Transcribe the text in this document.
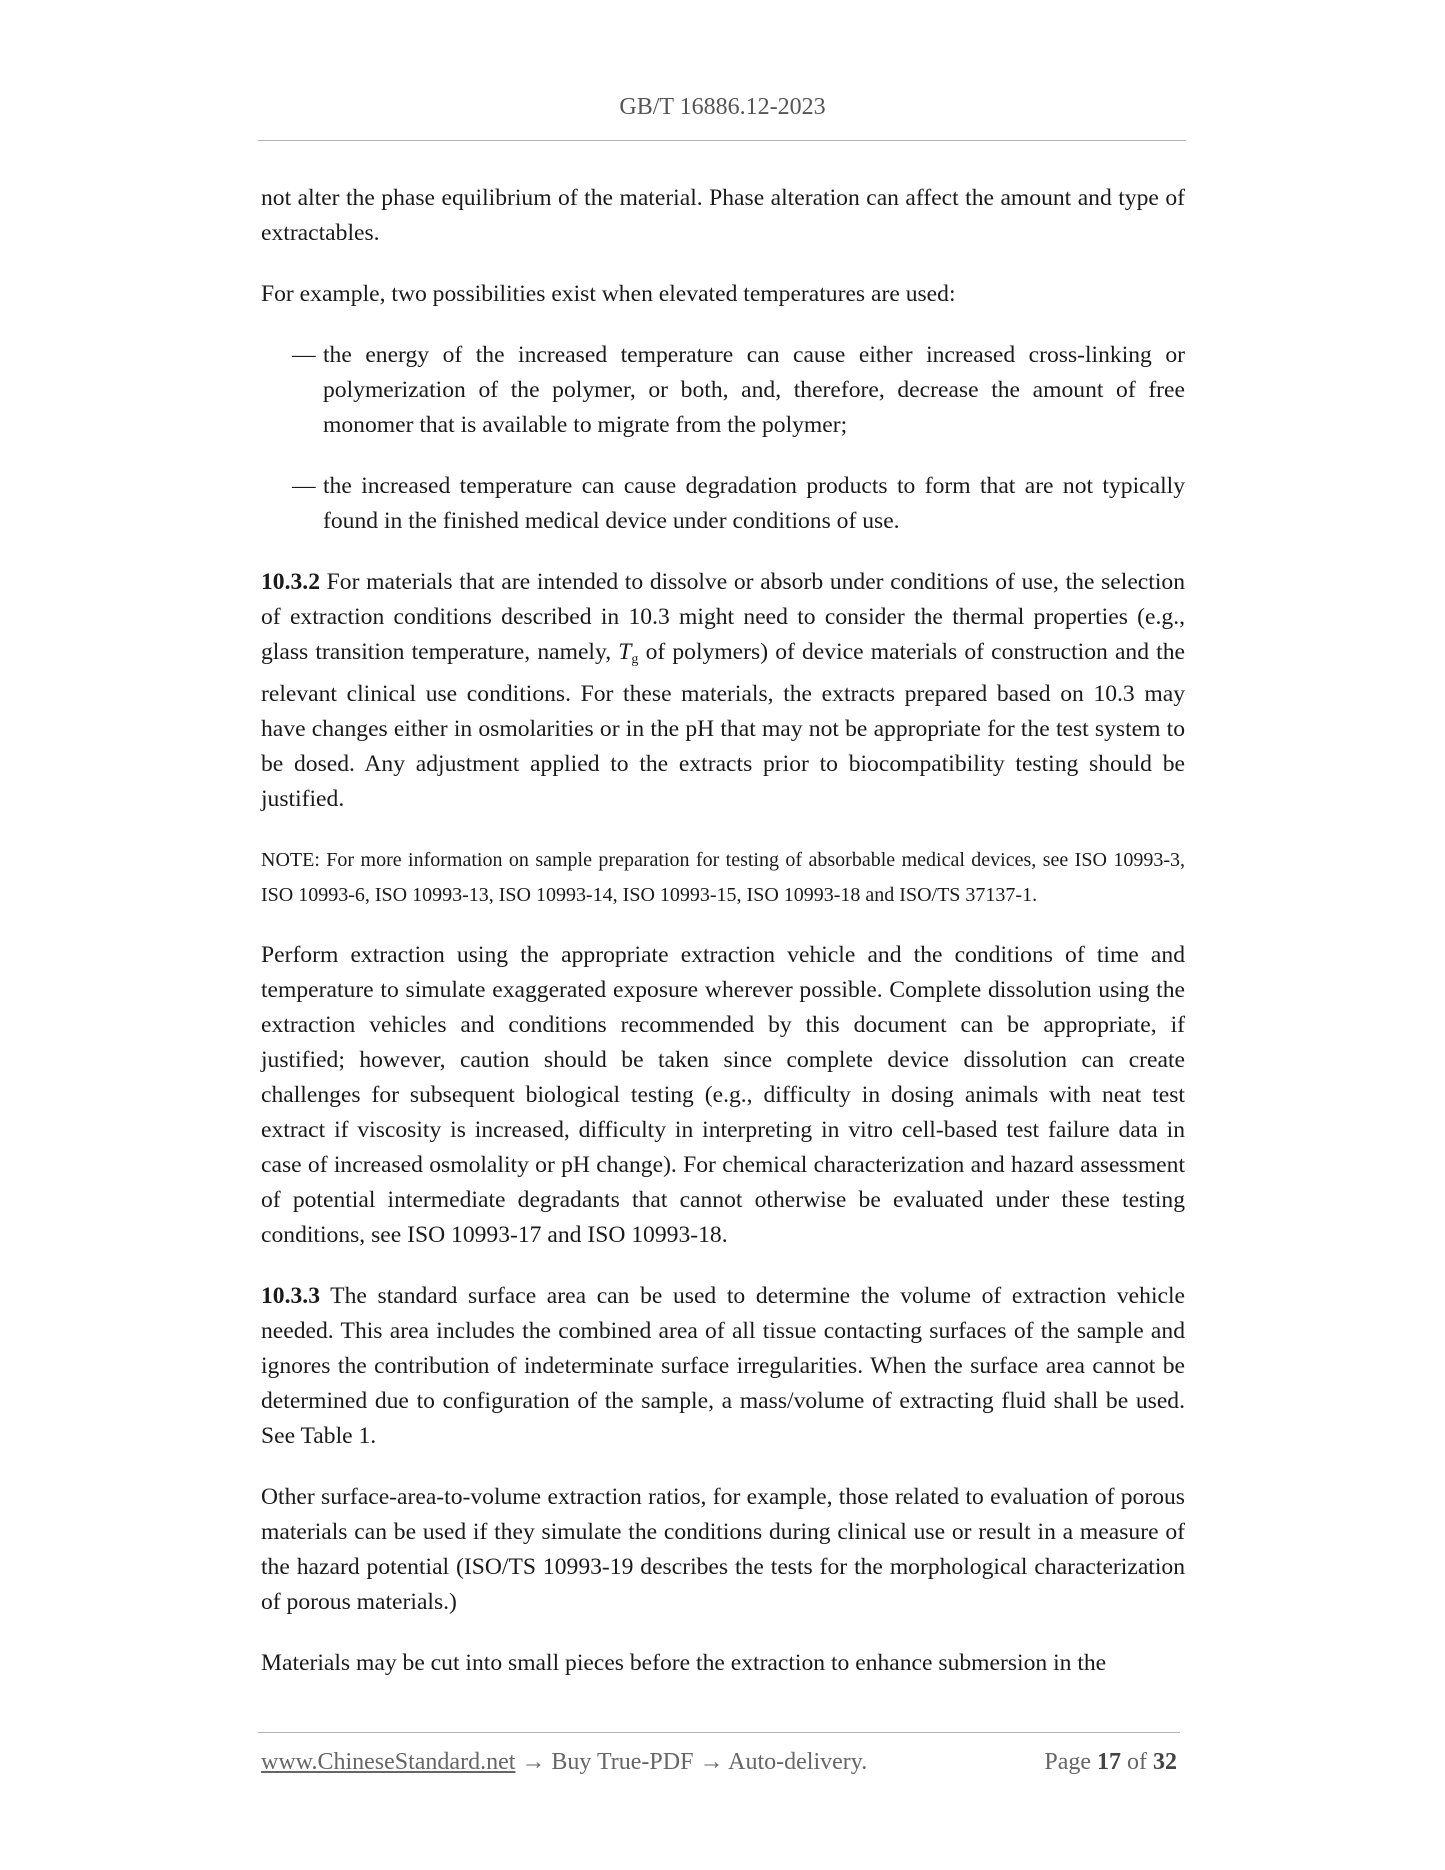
GB/T 16886.12-2023

not alter the phase equilibrium of the material. Phase alteration can affect the amount and type of extractables.

For example, two possibilities exist when elevated temperatures are used:

— the energy of the increased temperature can cause either increased cross-linking or polymerization of the polymer, or both, and, therefore, decrease the amount of free monomer that is available to migrate from the polymer;

— the increased temperature can cause degradation products to form that are not typically found in the finished medical device under conditions of use.

10.3.2 For materials that are intended to dissolve or absorb under conditions of use, the selection of extraction conditions described in 10.3 might need to consider the thermal properties (e.g., glass transition temperature, namely, $T_g$ of polymers) of device materials of construction and the relevant clinical use conditions. For these materials, the extracts prepared based on 10.3 may have changes either in osmolarities or in the pH that may not be appropriate for the test system to be dosed. Any adjustment applied to the extracts prior to biocompatibility testing should be justified.

NOTE: For more information on sample preparation for testing of absorbable medical devices, see ISO 10993-3, ISO 10993-6, ISO 10993-13, ISO 10993-14, ISO 10993-15, ISO 10993-18 and ISO/TS 37137-1.

Perform extraction using the appropriate extraction vehicle and the conditions of time and temperature to simulate exaggerated exposure wherever possible. Complete dissolution using the extraction vehicles and conditions recommended by this document can be appropriate, if justified; however, caution should be taken since complete device dissolution can create challenges for subsequent biological testing (e.g., difficulty in dosing animals with neat test extract if viscosity is increased, difficulty in interpreting in vitro cell-based test failure data in case of increased osmolality or pH change). For chemical characterization and hazard assessment of potential intermediate degradants that cannot otherwise be evaluated under these testing conditions, see ISO 10993-17 and ISO 10993-18.

10.3.3 The standard surface area can be used to determine the volume of extraction vehicle needed. This area includes the combined area of all tissue contacting surfaces of the sample and ignores the contribution of indeterminate surface irregularities. When the surface area cannot be determined due to configuration of the sample, a mass/volume of extracting fluid shall be used. See Table 1.

Other surface-area-to-volume extraction ratios, for example, those related to evaluation of porous materials can be used if they simulate the conditions during clinical use or result in a measure of the hazard potential (ISO/TS 10993-19 describes the tests for the morphological characterization of porous materials.)

Materials may be cut into small pieces before the extraction to enhance submersion in the

www.ChineseStandard.net → Buy True-PDF → Auto-delivery.	Page 17 of 32
